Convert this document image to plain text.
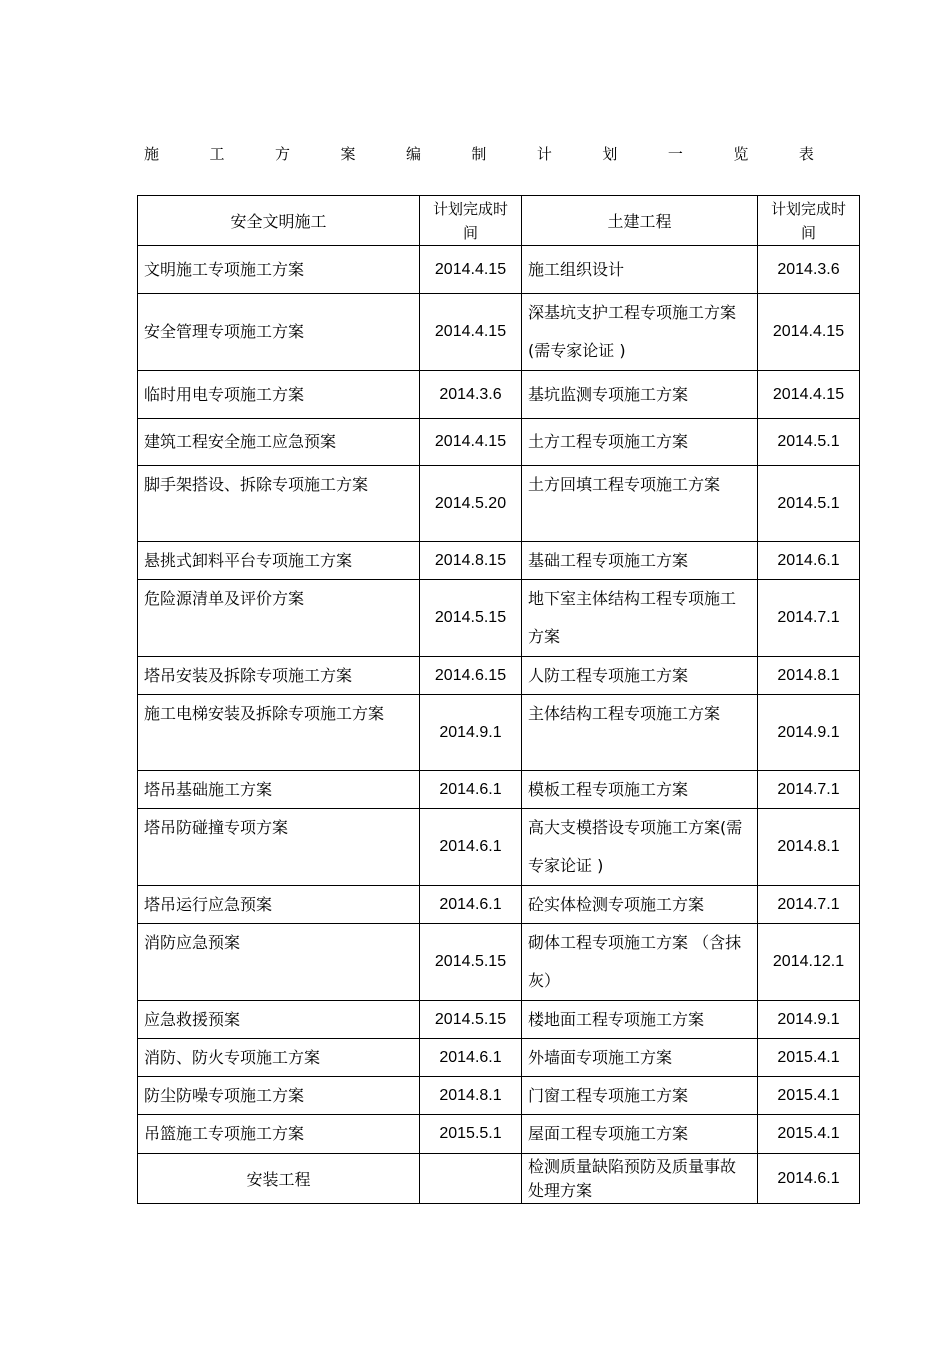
施	工	方	案	编	制	计	划	一	览	表
安全文明施工	计划完成时间	土建工程	计划完成时间
文明施工专项施工方案	2014.4.15	施工组织设计	2014.3.6
安全管理专项施工方案	2014.4.15	深基坑支护工程专项施工方案(需专家论证 )	2014.4.15
临时用电专项施工方案	2014.3.6	基坑监测专项施工方案	2014.4.15
建筑工程安全施工应急预案	2014.4.15	土方工程专项施工方案	2014.5.1
脚手架搭设、拆除专项施工方案	2014.5.20	土方回填工程专项施工方案	2014.5.1
悬挑式卸料平台专项施工方案	2014.8.15	基础工程专项施工方案	2014.6.1
危险源清单及评价方案	2014.5.15	地下室主体结构工程专项施工方案	2014.7.1
塔吊安装及拆除专项施工方案	2014.6.15	人防工程专项施工方案	2014.8.1
施工电梯安装及拆除专项施工方案	2014.9.1	主体结构工程专项施工方案	2014.9.1
塔吊基础施工方案	2014.6.1	模板工程专项施工方案	2014.7.1
塔吊防碰撞专项方案	2014.6.1	高大支模搭设专项施工方案(需专家论证 )	2014.8.1
塔吊运行应急预案	2014.6.1	砼实体检测专项施工方案	2014.7.1
消防应急预案	2014.5.15	砌体工程专项施工方案 （含抹灰）	2014.12.1
应急救援预案	2014.5.15	楼地面工程专项施工方案	2014.9.1
消防、防火专项施工方案	2014.6.1	外墙面专项施工方案	2015.4.1
防尘防噪专项施工方案	2014.8.1	门窗工程专项施工方案	2015.4.1
吊篮施工专项施工方案	2015.5.1	屋面工程专项施工方案	2015.4.1
安装工程		检测质量缺陷预防及质量事故处理方案	2014.6.1
